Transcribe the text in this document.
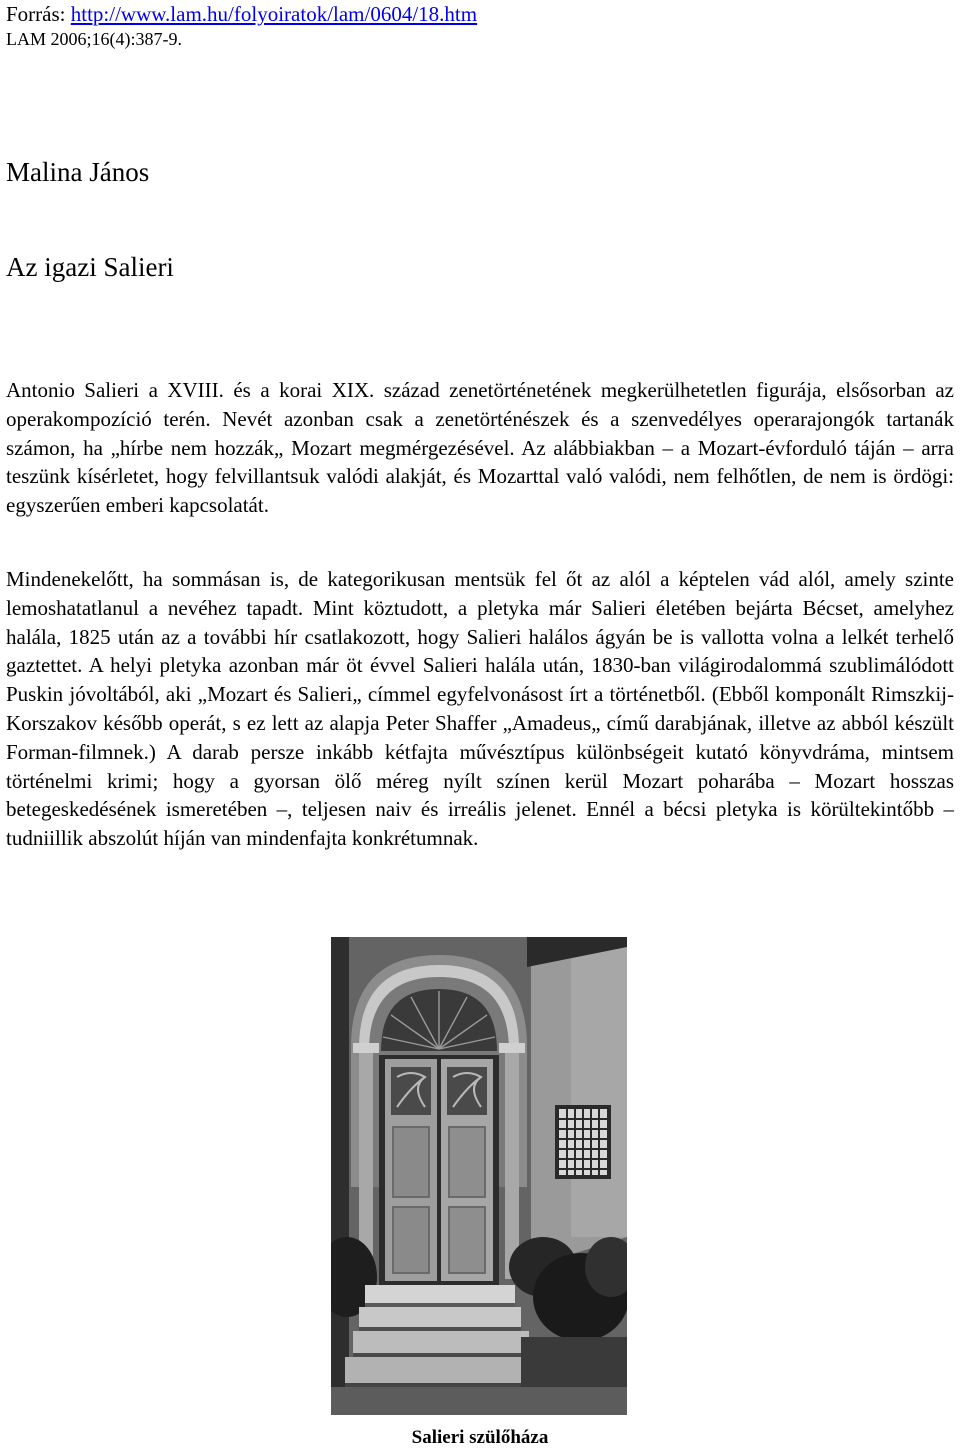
Forrás: http://www.lam.hu/folyoiratok/lam/0604/18.htm
LAM 2006;16(4):387-9.
Malina János
Az igazi Salieri

Antonio Salieri a XVIII. és a korai XIX. század zenetörténetének megkerülhetetlen figurája, elsősorban az operakompozíció terén. Nevét azonban csak a zenetörténészek és a szenvedélyes operarajongók tartanák számon, ha „hírbe nem hozzák„ Mozart megmérgezésével. Az alábbiakban – a Mozart-évforduló táján – arra teszünk kísérletet, hogy felvillantsuk valódi alakját, és Mozarttal való valódi, nem felhőtlen, de nem is ördögi: egyszerűen emberi kapcsolatát.

Mindenekelőtt, ha sommásan is, de kategorikusan mentsük fel őt az alól a képtelen vád alól, amely szinte lemoshatatlanul a nevéhez tapadt. Mint köztudott, a pletyka már Salieri életében bejárta Bécset, amelyhez halála, 1825 után az a további hír csatlakozott, hogy Salieri halálos ágyán be is vallotta volna a lelkét terhelő gaztettet. A helyi pletyka azonban már öt évvel Salieri halála után, 1830-ban világirodalommá szublimálódott Puskin jóvoltából, aki „Mozart és Salieri„ címmel egyfelvonásost írt a történetből. (Ebből komponált Rimszkij-Korszakov később operát, s ez lett az alapja Peter Shaffer „Amadeus„ című darabjának, illetve az abból készült Forman-filmnek.) A darab persze inkább kétfajta művésztípus különbségeit kutató könyvdráma, mintsem történelmi krimi; hogy a gyorsan ölő méreg nyílt színen kerül Mozart poharába – Mozart hosszas betegeskedésének ismeretében –, teljesen naiv és irreális jelenet. Ennél a bécsi pletyka is körültekintőbb – tudniillik abszolút híján van mindenfajta konkrétumnak.

Salieri szülőháza
